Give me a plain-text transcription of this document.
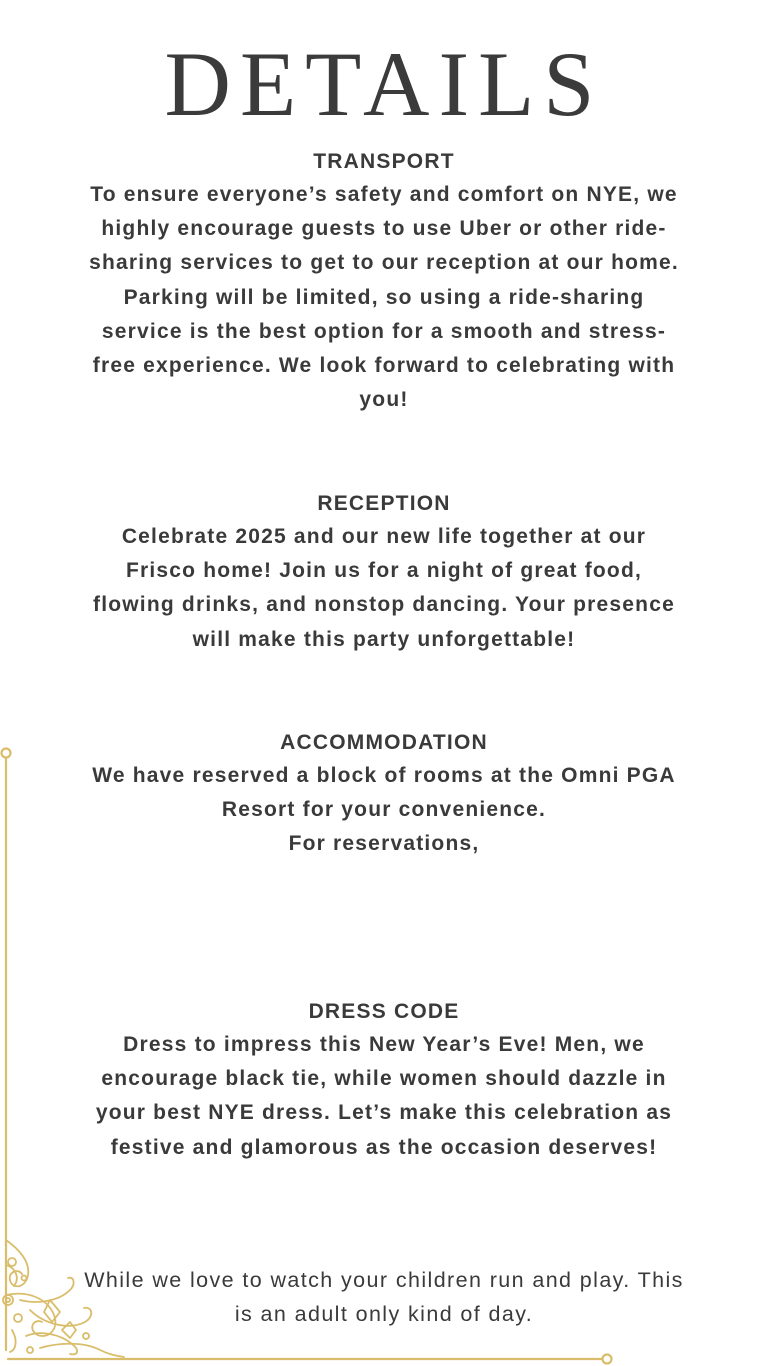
DETAILS
TRANSPORT

To ensure everyone’s safety and comfort on NYE, we highly encourage guests to use Uber or other ride-sharing services to get to our reception at our home. Parking will be limited, so using a ride-sharing service is the best option for a smooth and stress-free experience. We look forward to celebrating with you!

RECEPTION

Celebrate 2025 and our new life together at our Frisco home! Join us for a night of great food, flowing drinks, and nonstop dancing. Your presence will make this party unforgettable!

ACCOMMODATION

We have reserved a block of rooms at the Omni PGA Resort for your convenience.

For reservations,

DRESS CODE

Dress to impress this New Year’s Eve! Men, we encourage black tie, while women should dazzle in your best NYE dress. Let’s make this celebration as festive and glamorous as the occasion deserves!

While we love to watch your children run and play. This is an adult only kind of day.
